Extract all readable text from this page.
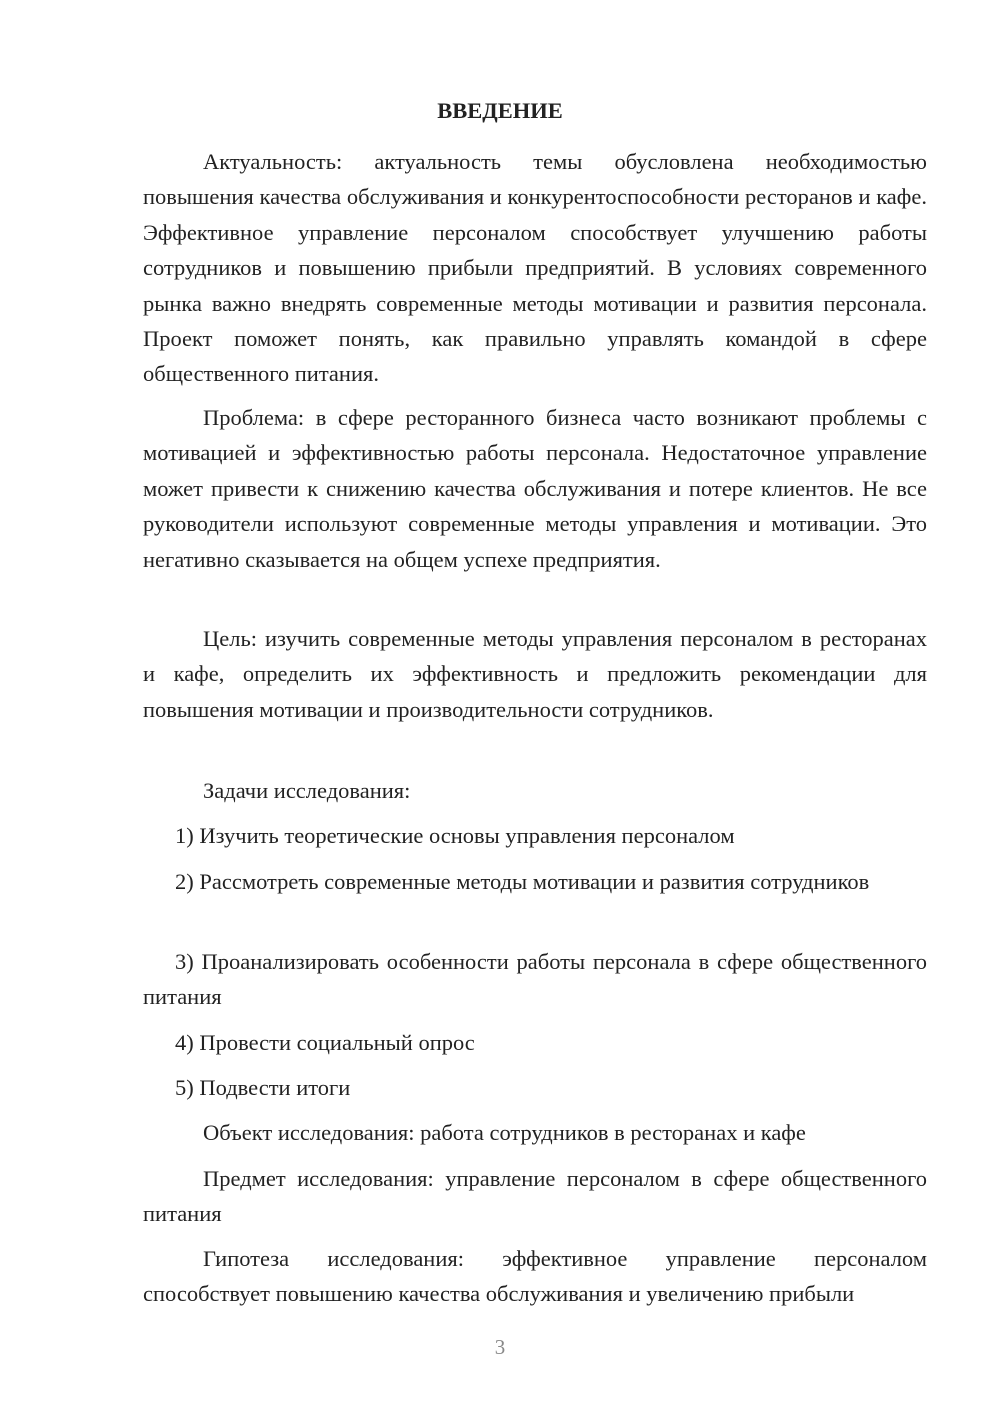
ВВЕДЕНИЕ

Актуальность: актуальность темы обусловлена необходимостью повышения качества обслуживания и конкурентоспособности ресторанов и кафе. Эффективное управление персоналом способствует улучшению работы сотрудников и повышению прибыли предприятий. В условиях современного рынка важно внедрять современные методы мотивации и развития персонала. Проект поможет понять, как правильно управлять командой в сфере общественного питания.

Проблема: в сфере ресторанного бизнеса часто возникают проблемы с мотивацией и эффективностью работы персонала. Недостаточное управление может привести к снижению качества обслуживания и потере клиентов. Не все руководители используют современные методы управления и мотивации. Это негативно сказывается на общем успехе предприятия.

Цель: изучить современные методы управления персоналом в ресторанах и кафе, определить их эффективность и предложить рекомендации для повышения мотивации и производительности сотрудников.

Задачи исследования:

1) Изучить теоретические основы управления персоналом

2) Рассмотреть современные методы мотивации и развития сотрудников

3) Проанализировать особенности работы персонала в сфере общественного питания

4) Провести социальный опрос

5) Подвести итоги

Объект исследования: работа сотрудников в ресторанах и кафе

Предмет исследования: управление персоналом в сфере общественного питания

Гипотеза исследования: эффективное управление персоналом способствует повышению качества обслуживания и увеличению прибыли

3
